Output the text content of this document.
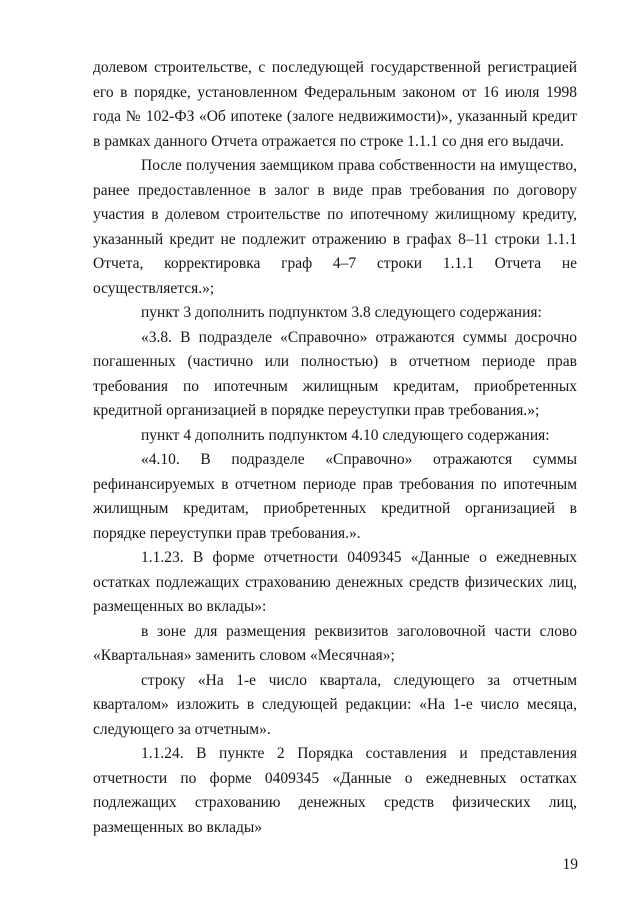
долевом строительстве, с последующей государственной регистрацией его в порядке, установленном Федеральным законом от 16 июля 1998 года № 102-ФЗ «Об ипотеке (залоге недвижимости)», указанный кредит в рамках данного Отчета отражается по строке 1.1.1 со дня его выдачи.

После получения заемщиком права собственности на имущество, ранее предоставленное в залог в виде прав требования по договору участия в долевом строительстве по ипотечному жилищному кредиту, указанный кредит не подлежит отражению в графах 8–11 строки 1.1.1 Отчета, корректировка граф 4–7 строки 1.1.1 Отчета не осуществляется.»;

пункт 3 дополнить подпунктом 3.8 следующего содержания:

«3.8. В подразделе «Справочно» отражаются суммы досрочно погашенных (частично или полностью) в отчетном периоде прав требования по ипотечным жилищным кредитам, приобретенных кредитной организацией в порядке переуступки прав требования.»;

пункт 4 дополнить подпунктом 4.10 следующего содержания:

«4.10. В подразделе «Справочно» отражаются суммы рефинансируемых в отчетном периоде прав требования по ипотечным жилищным кредитам, приобретенных кредитной организацией в порядке переуступки прав требования.».

1.1.23. В форме отчетности 0409345 «Данные о ежедневных остатках подлежащих страхованию денежных средств физических лиц, размещенных во вклады»:

в зоне для размещения реквизитов заголовочной части слово «Квартальная» заменить словом «Месячная»;

строку «На 1-е число квартала, следующего за отчетным кварталом» изложить в следующей редакции: «На 1-е число месяца, следующего за отчетным».

1.1.24. В пункте 2 Порядка составления и представления отчетности по форме 0409345 «Данные о ежедневных остатках подлежащих страхованию денежных средств физических лиц, размещенных во вклады»

19
